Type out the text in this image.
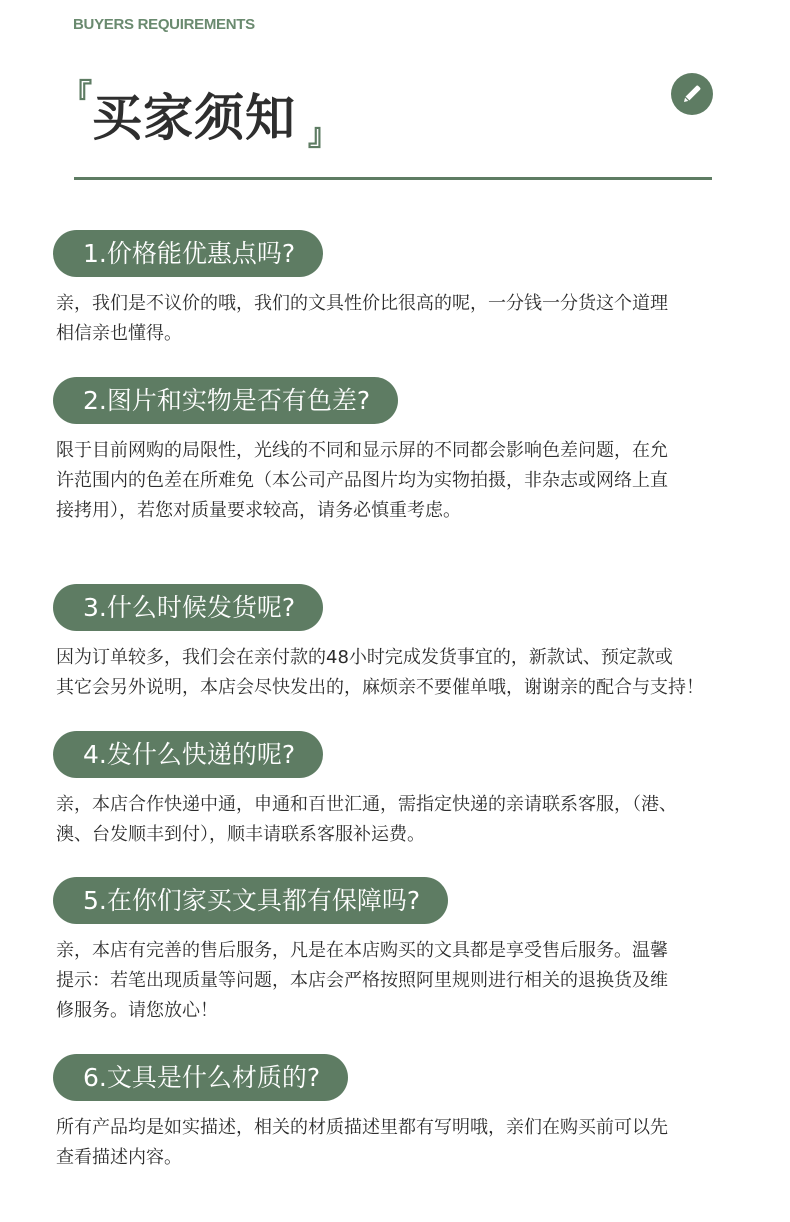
BUYERS REQUIREMENTS
『 买家须知 』
1.价格能优惠点吗?
亲，我们是不议价的哦，我们的文具性价比很高的呢，一分钱一分货这个道理
相信亲也懂得。
2.图片和实物是否有色差?
限于目前网购的局限性，光线的不同和显示屏的不同都会影响色差问题，在允
许范围内的色差在所难免（本公司产品图片均为实物拍摄，非杂志或网络上直
接拷用），若您对质量要求较高，请务必慎重考虑。
3.什么时候发货呢?
因为订单较多，我们会在亲付款的48小时完成发货事宜的，新款试、预定款或
其它会另外说明，本店会尽快发出的，麻烦亲不要催单哦，谢谢亲的配合与支持！
4.发什么快递的呢?
亲，本店合作快递中通，申通和百世汇通，需指定快递的亲请联系客服，（港、
澳、台发顺丰到付），顺丰请联系客服补运费。
5.在你们家买文具都有保障吗?
亲，本店有完善的售后服务，凡是在本店购买的文具都是享受售后服务。温馨
提示：若笔出现质量等问题，本店会严格按照阿里规则进行相关的退换货及维
修服务。请您放心！
6.文具是什么材质的?
所有产品均是如实描述，相关的材质描述里都有写明哦，亲们在购买前可以先
查看描述内容。
